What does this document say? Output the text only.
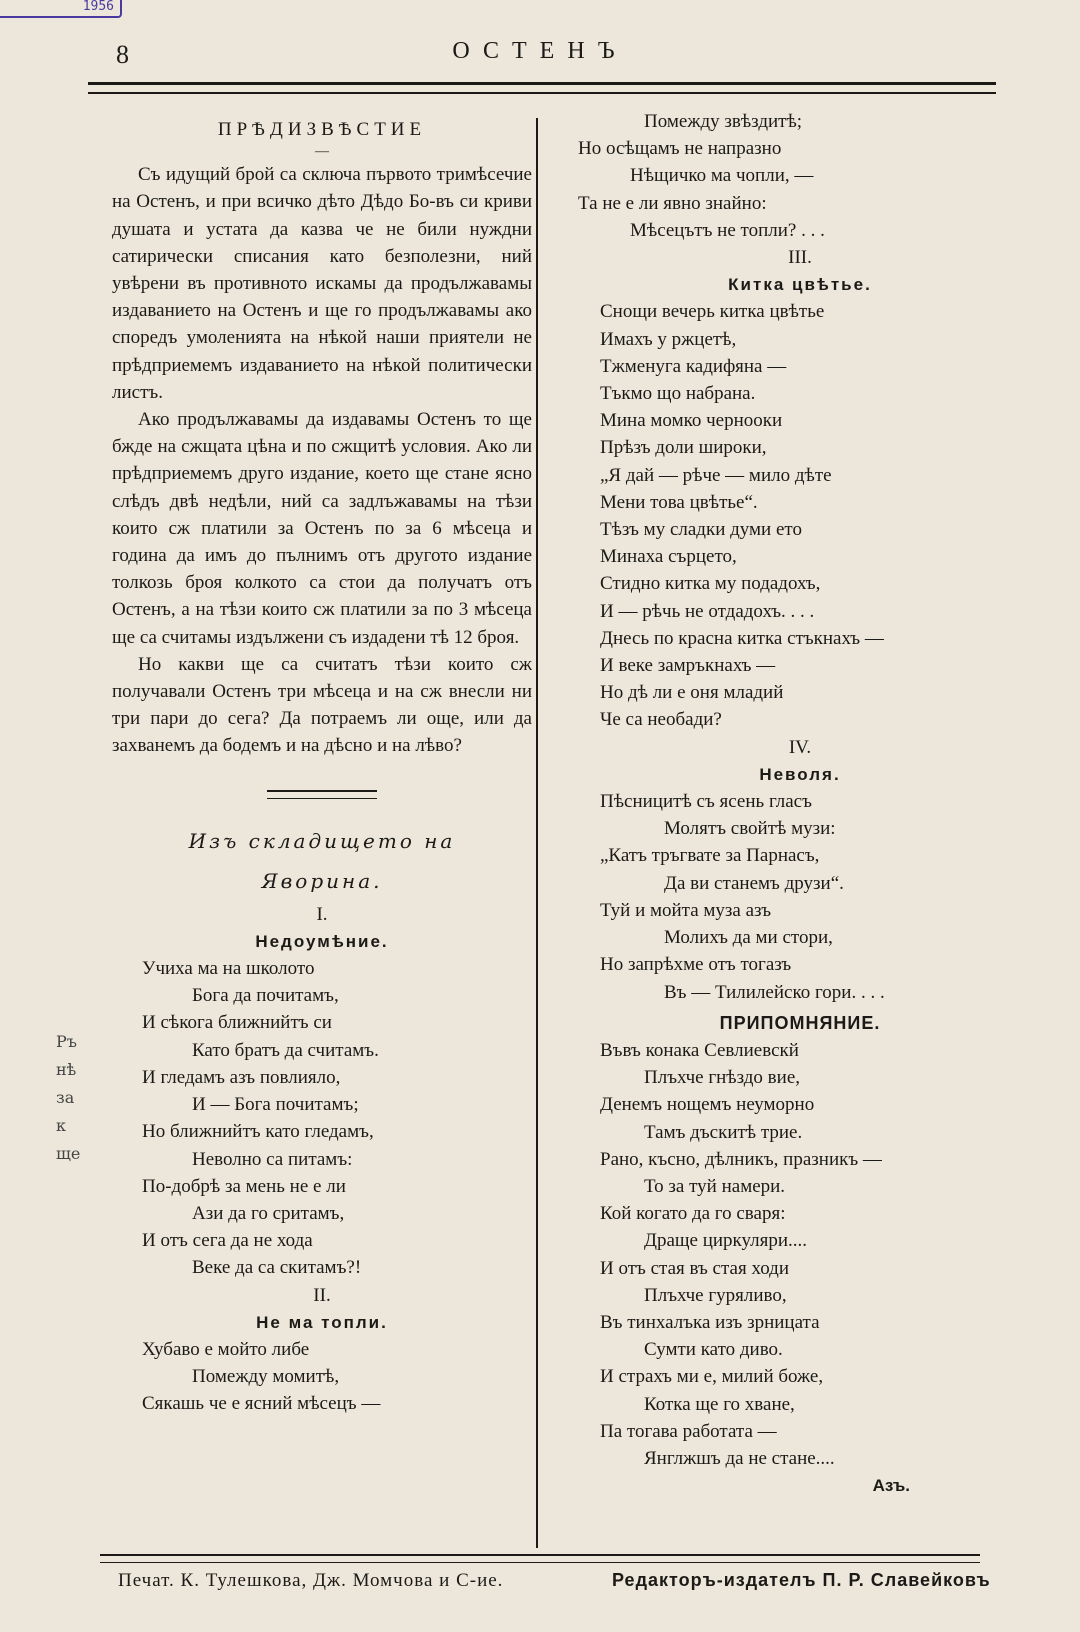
1956
8	ОСТЕНЪ
Ръ
нѣ
за к
ще
ПРѢДИЗВѢСТИЕ
—

Съ идущий брой са сключа първото тримѣсечие на Остенъ, и при всичко дѣто Дѣдо Бо-въ си криви душата и устата да казва че не били нуждни сатирически списания като безполезни, ний увѣрени въ противното искамы да продължавамы издаванието на Остенъ и ще го продължавамы ако споредъ умоленията на нѣкой наши приятели не прѣдприемемъ издаванието на нѣкой политически листъ.

Ако продължавамы да издавамы Остенъ то ще бжде на сжщата цѣна и по сжщитѣ условия. Ако ли прѣдприемемъ друго издание, което ще стане ясно слѣдъ двѣ недѣли, ний са задлъжавамы на тѣзи които сж платили за Остенъ по за 6 мѣсеца и година да имъ до пълнимъ отъ другото издание толкозь броя колкото са стои да получатъ отъ Остенъ, а на тѣзи които сж платили за по 3 мѣсеца ще са считамы издължени съ издадени тѣ 12 броя.

Но какви ще са считатъ тѣзи които сж получавали Остенъ три мѣсеца и на сж внесли ни три пари до сега? Да потраемъ ли още, или да захванемъ да бодемъ и на дѣсно и на лѣво?

Изъ складището на
Яворина.
I.
Недоумѣние.
Учиха ма на школото
Бога да почитамъ,
И сѣкога ближнийтъ си
Като братъ да считамъ.
И гледамъ азъ повлияло,
И — Бога почитамъ;
Но ближнийтъ като гледамъ,
Неволно са питамъ:
По-добрѣ за мень не е ли
Ази да го сритамъ,
И отъ сега да не хода
Веке да са скитамъ?!
II.
Не ма топли.
Хубаво е мойто либе
Помежду момитѣ,
Сякашь че е ясний мѣсецъ —
Помежду звѣздитѣ;
Но осѣщамъ не напразно
Нѣщичко ма чопли, —
Та не е ли явно знайно:
Мѣсецътъ не топли? . . .
III.
Китка цвѣтье.
Снощи вечерь китка цвѣтье
Имахъ у ржцетѣ,
Тжменуга кадифяна —
Тъкмо що набрана.
Мина момко черноoки
Прѣзъ доли широки,
„Я дай — рѣче — мило дѣте
Мени това цвѣтье“.
Тѣзъ му сладки думи ето
Минаха сърцето,
Стидно китка му подадохъ,
И — рѣчь не отдадохъ. . . .
Днесь по красна китка стъкнахъ —
И веке замръкнахъ —
Но дѣ ли е оня младий
Че са необади?
IV.
Неволя.
Пѣсницитѣ съ ясень гласъ
Молятъ свойтѣ музи:
„Катъ тръгвате за Парнасъ,
Да ви станемъ друзи“.
Туй и мойта муза азъ
Молихъ да ми стори,
Но запрѣхме отъ тогазъ
Въ — Тилилейско гори. . . .
ПРИПОМНЯНИЕ.
Въвъ конака Севлиевскй
Плъхче гнѣздо вие,
Денемъ нощемъ неуморно
Тамъ дъскитѣ трие.
Рано, късно, дѣлникъ, празникъ —
То за туй намери.
Кой когато да го сваря:
Драще циркуляри....
И отъ стая въ стая ходи
Плъхче гуряливо,
Въ тинхалъка изъ зрницата
Сумти като диво.
И страхъ ми е, милий боже,
Котка ще го хване,
Па тогава работата —
Янглжшъ да не стане....
Азъ.
Печат. К. Тулешкова, Дж. Момчова и С-ие.	Редакторъ-издателъ П. Р. Славейковъ
